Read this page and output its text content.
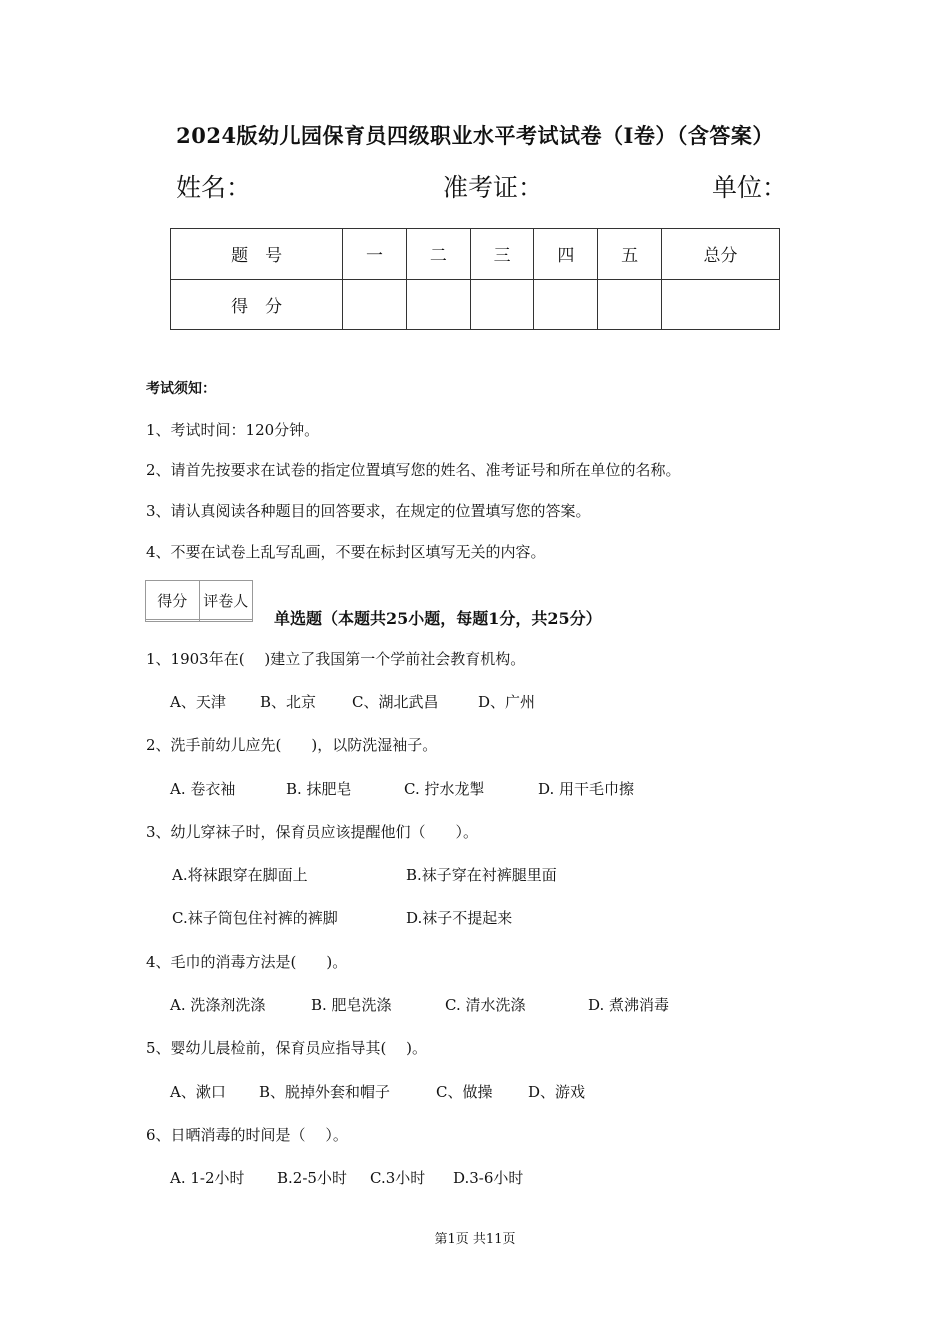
2024版幼儿园保育员四级职业水平考试试卷（I卷）（含答案）
姓名：	准考证：	单位：
题　号	一	二	三	四	五	总分
得　分						
考试须知：
1、考试时间：120分钟。
2、请首先按要求在试卷的指定位置填写您的姓名、准考证号和所在单位的名称。
3、请认真阅读各种题目的回答要求，在规定的位置填写您的答案。
4、不要在试卷上乱写乱画，不要在标封区填写无关的内容。
得分	评卷人

单选题（本题共25小题，每题1分，共25分）
1、1903年在(　 )建立了我国第一个学前社会教育机构。
A、天津 B、北京 C、湖北武昌	D、广州
2、洗手前幼儿应先(　　)，以防洗湿袖子。
A. 卷衣袖	B. 抹肥皂	C. 拧水龙掣	D. 用干毛巾擦
3、幼儿穿袜子时，保育员应该提醒他们（　　）。
A.将袜跟穿在脚面上	B.袜子穿在衬裤腿里面
C.袜子筒包住衬裤的裤脚	D.袜子不提起来
4、毛巾的消毒方法是(　　)。
A. 洗涤剂洗涤	B. 肥皂洗涤	C. 清水洗涤	D. 煮沸消毒
5、婴幼儿晨检前，保育员应指导其(　 )。
A、漱口 B、脱掉外套和帽子	C、做操 D、游戏
6、日晒消毒的时间是（　 ）。
A. 1-2小时 B.2-5小时 C.3小时 D.3-6小时
第1页 共11页
